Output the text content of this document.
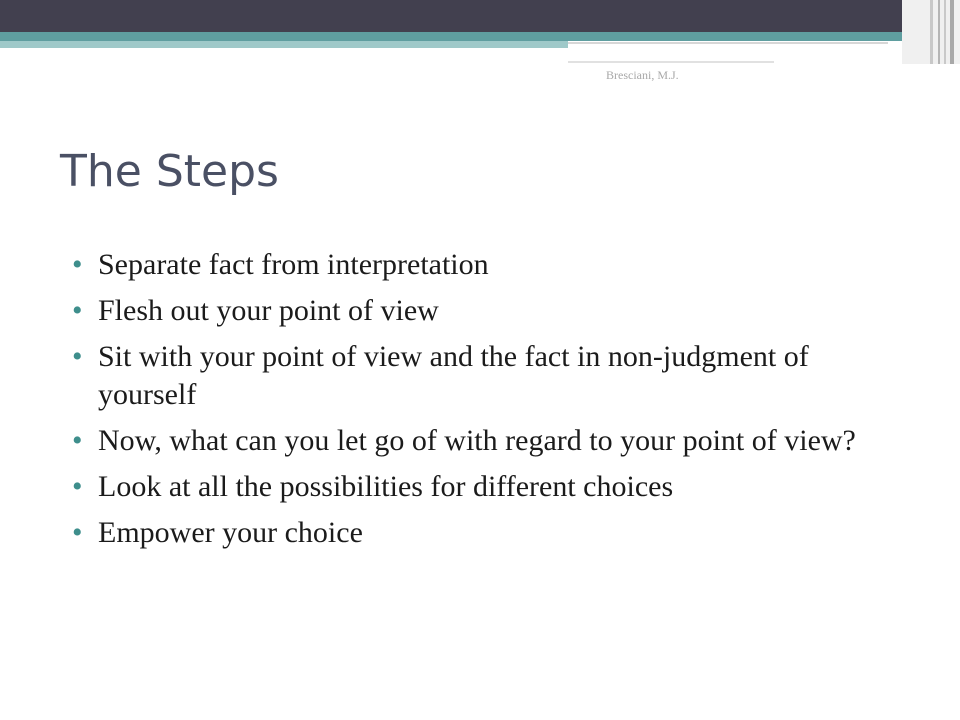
Bresciani, M.J.
The Steps
• Separate fact from interpretation
• Flesh out your point of view
• Sit with your point of view and the fact in non-judgment of yourself
• Now, what can you let go of with regard to your point of view?
• Look at all the possibilities for different choices
• Empower your choice
